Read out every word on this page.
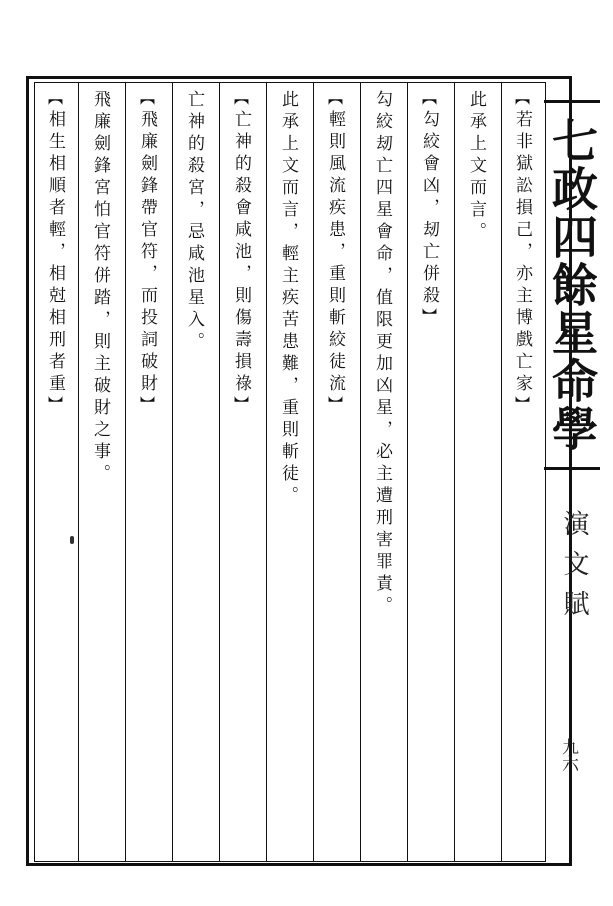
【若非獄訟損己，亦主博戲亡家】
此承上文而言。
【勾絞會凶，刼亡併殺】
勾絞刼亡四星會命，值限更加凶星，必主遭刑害罪責。
【輕則風流疾患，重則斬絞徒流】
此承上文而言，輕主疾苦患難，重則斬徒。
【亡神的殺會咸池，則傷壽損祿】
亡神的殺宮，忌咸池星入。
【飛廉劍鋒帶官符，而投詞破財】
飛廉劍鋒宮怕官符併踏，則主破財之事。
【相生相順者輕，相尅相刑者重】
七政四餘星命學
演文賦
九六
